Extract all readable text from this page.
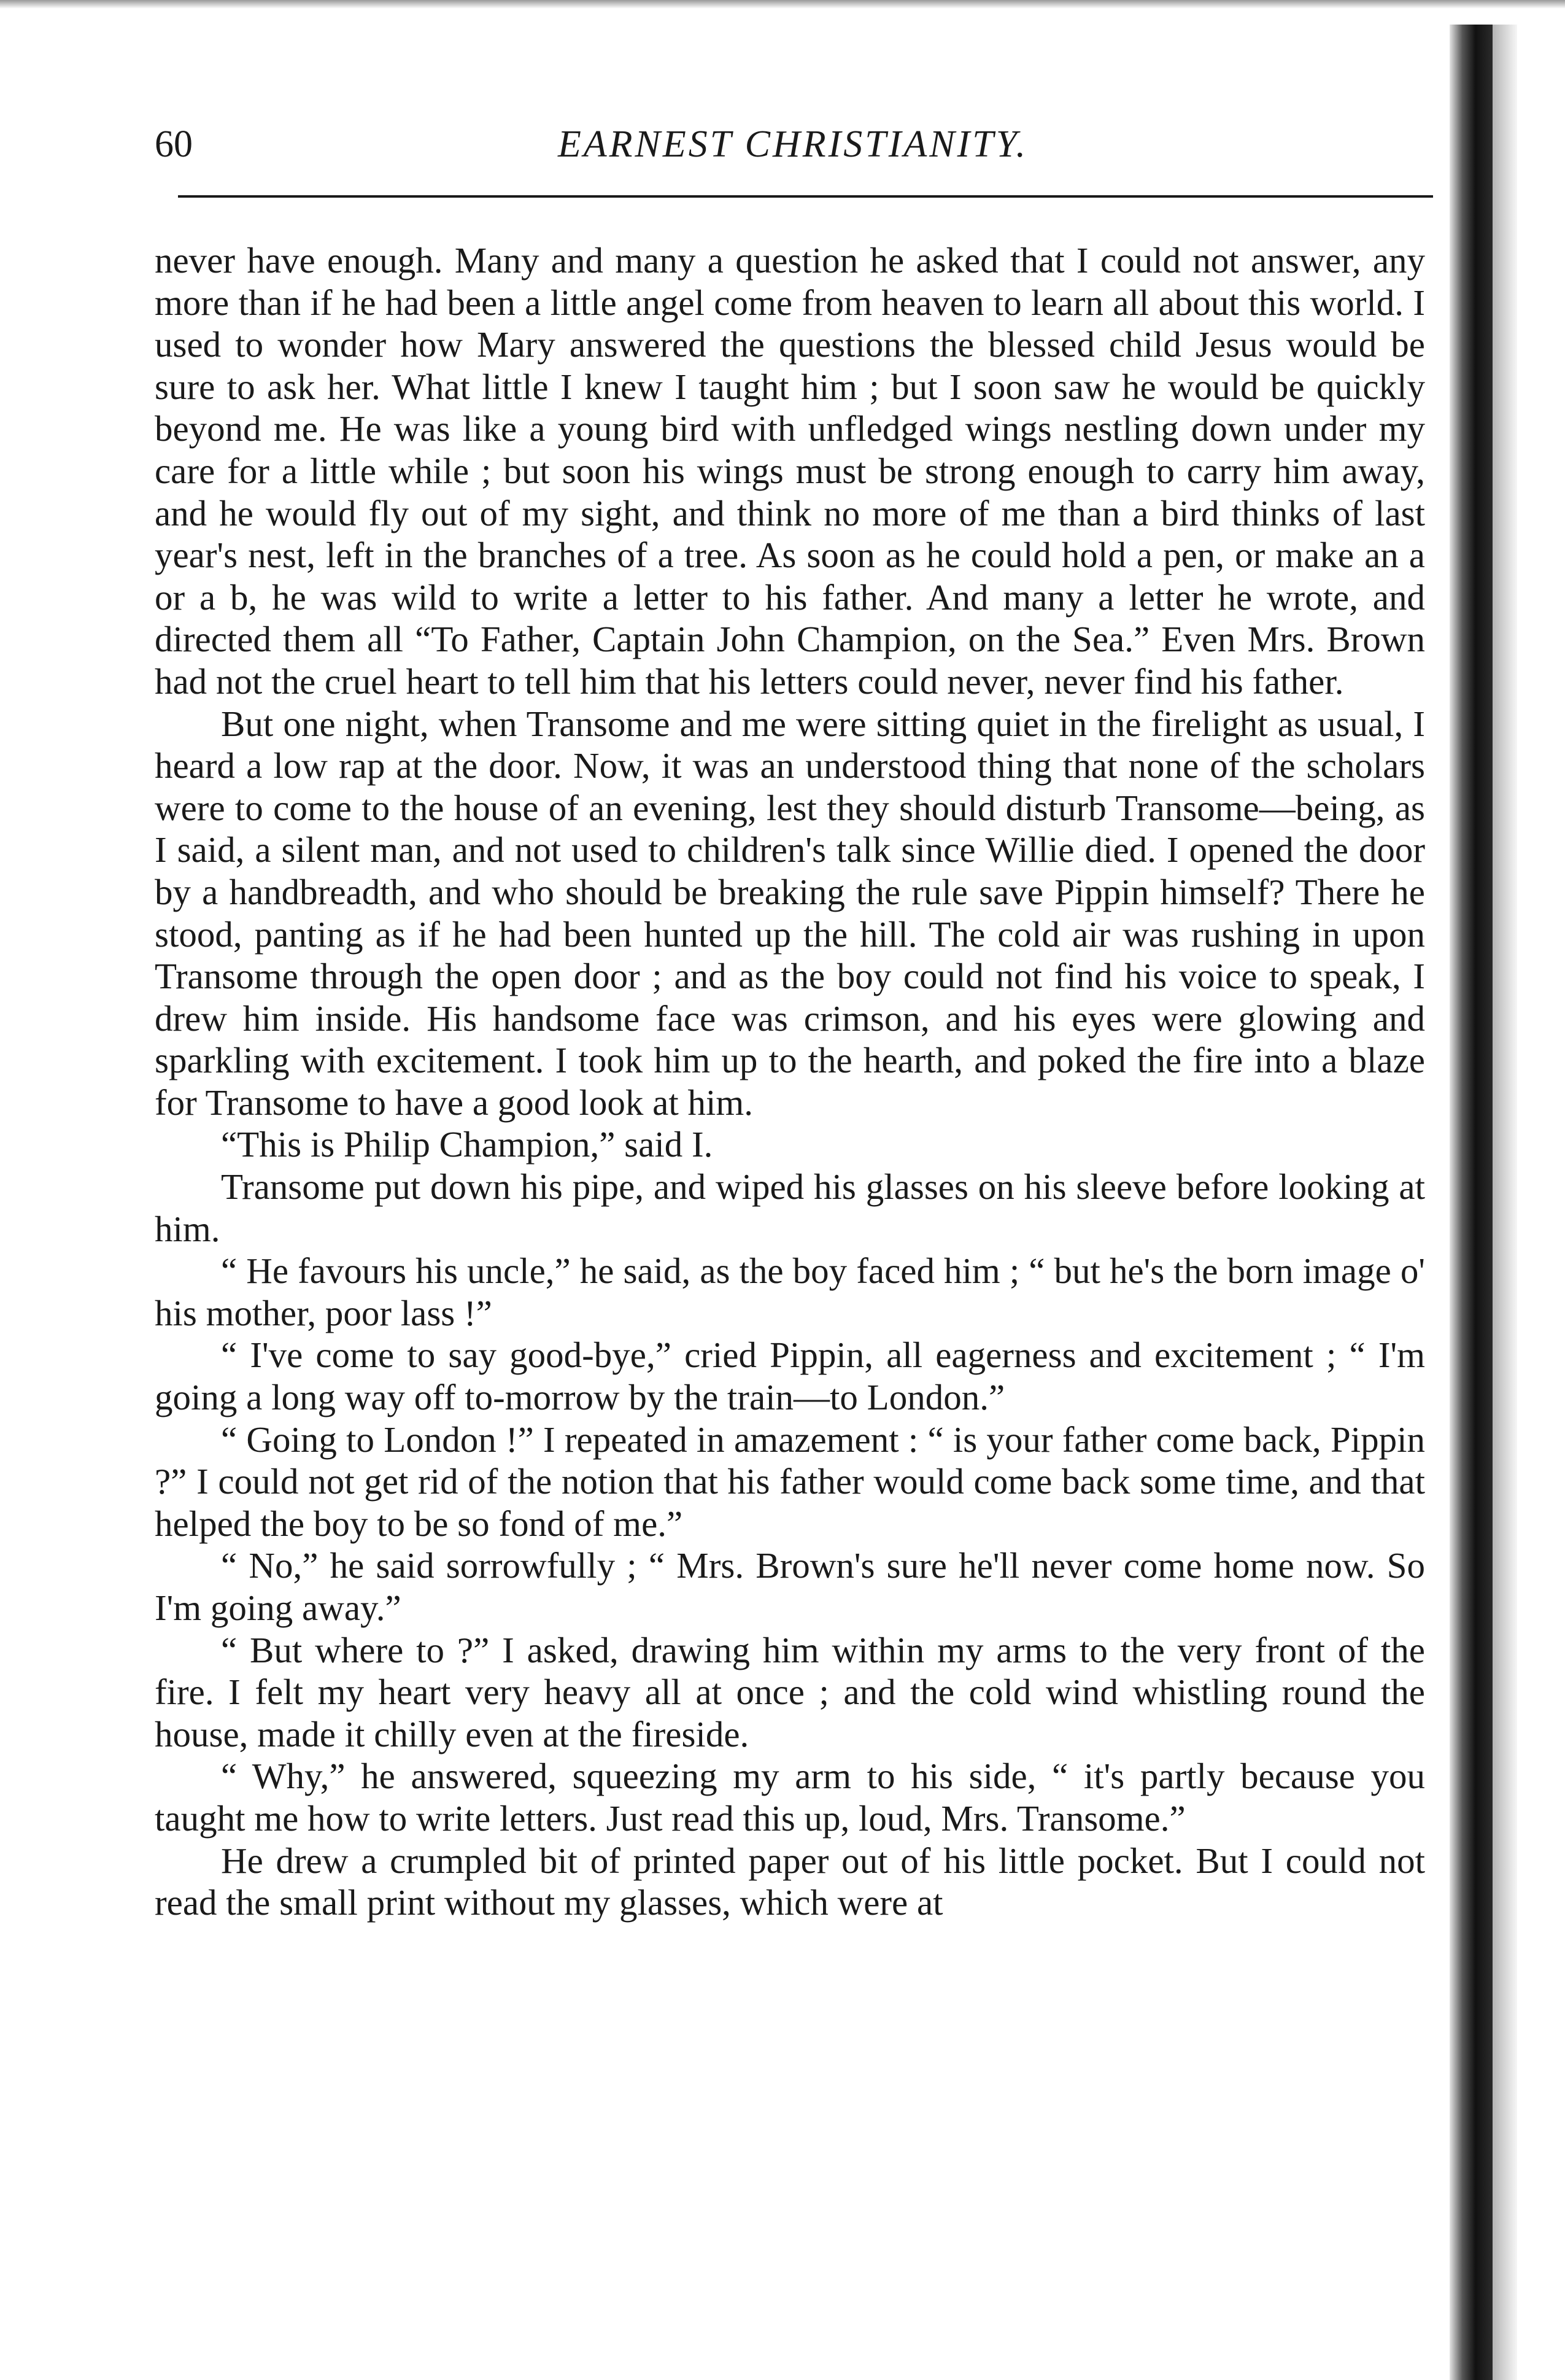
60	EARNEST CHRISTIANITY.

never have enough. Many and many a question he asked that I could not answer, any more than if he had been a little angel come from heaven to learn all about this world. I used to wonder how Mary answered the questions the blessed child Jesus would be sure to ask her. What little I knew I taught him ; but I soon saw he would be quickly beyond me. He was like a young bird with unfledged wings nestling down under my care for a little while ; but soon his wings must be strong enough to carry him away, and he would fly out of my sight, and think no more of me than a bird thinks of last year's nest, left in the branches of a tree. As soon as he could hold a pen, or make an a or a b, he was wild to write a letter to his father. And many a letter he wrote, and directed them all “To Father, Captain John Champion, on the Sea.” Even Mrs. Brown had not the cruel heart to tell him that his letters could never, never find his father.

But one night, when Transome and me were sitting quiet in the firelight as usual, I heard a low rap at the door. Now, it was an understood thing that none of the scholars were to come to the house of an evening, lest they should disturb Transome—being, as I said, a silent man, and not used to children's talk since Willie died. I opened the door by a handbreadth, and who should be breaking the rule save Pippin himself? There he stood, panting as if he had been hunted up the hill. The cold air was rushing in upon Transome through the open door ; and as the boy could not find his voice to speak, I drew him inside. His handsome face was crimson, and his eyes were glowing and sparkling with excitement. I took him up to the hearth, and poked the fire into a blaze for Transome to have a good look at him.

“This is Philip Champion,” said I.

Transome put down his pipe, and wiped his glasses on his sleeve before looking at him.

“ He favours his uncle,” he said, as the boy faced him ; “ but he's the born image o' his mother, poor lass !”

“ I've come to say good-bye,” cried Pippin, all eagerness and excitement ; “ I'm going a long way off to-morrow by the train—to London.”

“ Going to London !” I repeated in amazement : “ is your father come back, Pippin ?” I could not get rid of the notion that his father would come back some time, and that helped the boy to be so fond of me.”

“ No,” he said sorrowfully ; “ Mrs. Brown's sure he'll never come home now. So I'm going away.”

“ But where to ?” I asked, drawing him within my arms to the very front of the fire. I felt my heart very heavy all at once ; and the cold wind whistling round the house, made it chilly even at the fireside.

“ Why,” he answered, squeezing my arm to his side, “ it's partly because you taught me how to write letters. Just read this up, loud, Mrs. Transome.”

He drew a crumpled bit of printed paper out of his little pocket. But I could not read the small print without my glasses, which were at
